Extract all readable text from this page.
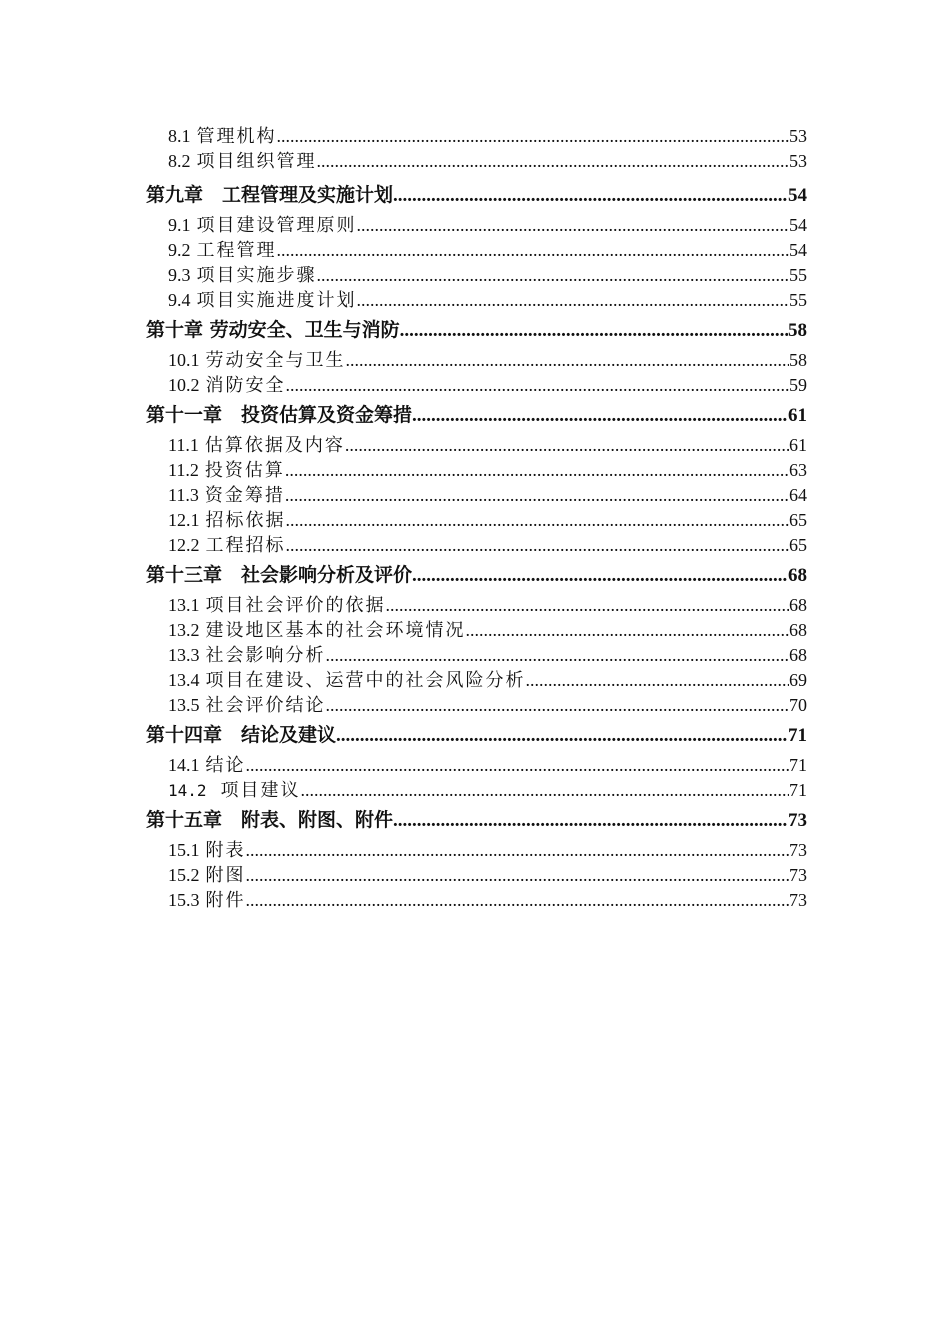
8.1 管理机构 .....	53
8.2 项目组织管理 .....	53
第九章　工程管理及实施计划 .....	54
9.1 项目建设管理原则 .....	54
9.2 工程管理 .....	54
9.3 项目实施步骤 .....	55
9.4 项目实施进度计划 .....	55
第十章 劳动安全、卫生与消防 .....	58
10.1 劳动安全与卫生 .....	58
10.2 消防安全 .....	59
第十一章　投资估算及资金筹措 .....	61
11.1 估算依据及内容 .....	61
11.2 投资估算 .....	63
11.3 资金筹措 .....	64
12.1 招标依据 .....	65
12.2 工程招标 .....	65
第十三章　社会影响分析及评价 .....	68
13.1 项目社会评价的依据 .....	68
13.2 建设地区基本的社会环境情况 .....	68
13.3 社会影响分析 .....	68
13.4 项目在建设、运营中的社会风险分析 .....	69
13.5 社会评价结论 .....	70
第十四章　结论及建议 .....	71
14.1 结论 .....	71
14.2 项目建议 .....	71
第十五章　附表、附图、附件 .....	73
15.1 附表 .....	73
15.2 附图 .....	73
15.3 附件 .....	73
